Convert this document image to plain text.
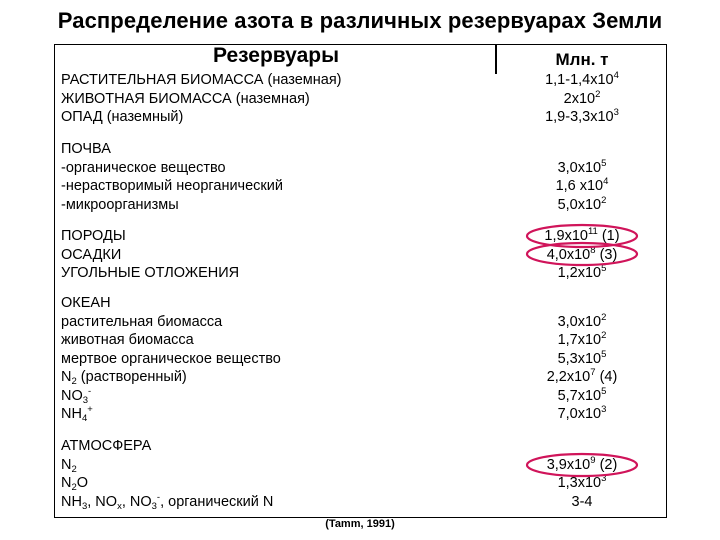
Распределение азота в различных резервуарах Земли
Резервуары	Млн. т
РАСТИТЕЛЬНАЯ БИОМАССА (наземная)
ЖИВОТНАЯ БИОМАССА (наземная)
ОПАД (наземный)
$1,1-1,4x10^4$
$2x10^2$
$1,9-3,3x10^3$
ПОЧВА
-органическое вещество
-нерастворимый неорганический
-микроорганизмы

$3,0x10^5$
1,6 $x10^4$
$5,0x10^2$
ПОРОДЫ
ОСАДКИ
УГОЛЬНЫЕ ОТЛОЖЕНИЯ
$1,9x10^{11}$ (1)
$4,0x10^8$ (3)
$1,2x10^5$
ОКЕАН
растительная биомасса
животная биомасса
мертвое органическое вещество
$N_2$ (растворенный)
$NO_3^-$
$NH_4^+$

$3,0x10^2$
$1,7x10^2$
$5,3x10^5$
$2,2x10^7$ (4)
$5,7x10^5$
$7,0x10^3$
АТМОСФЕРА
$N_2$
$N_2O$
$NH_3$, $NO_x$, $NO_3^-$, органический N

$3,9x10^9$ (2)
$1,3x10^3$
3-4
(Tamm, 1991)
